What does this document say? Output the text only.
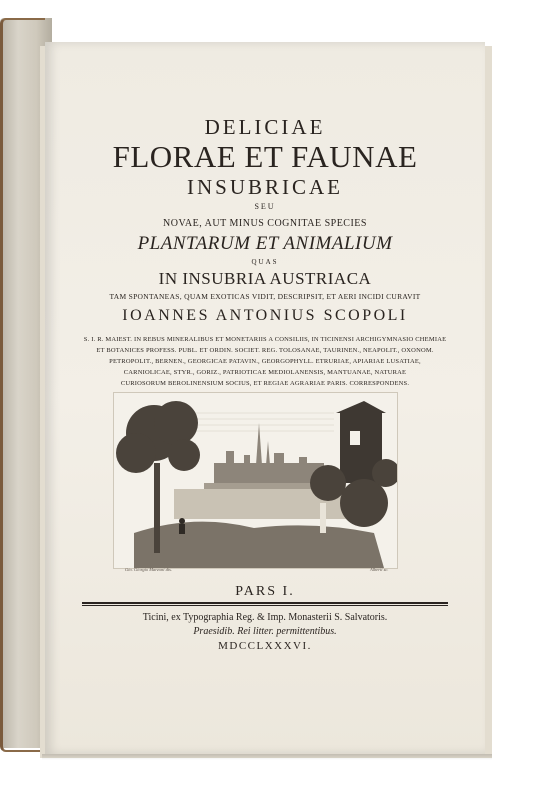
DELICIAE
FLORAE ET FAUNAE
INSUBRICAE
SEU
NOVAE, AUT MINUS COGNITAE SPECIES
PLANTARUM ET ANIMALIUM
QUAS
IN INSUBRIA AUSTRIACA
TAM SPONTANEAS, QUAM EXOTICAS VIDIT, DESCRIPSIT, ET AERI INCIDI CURAVIT
IOANNES ANTONIUS SCOPOLI
S. I. R. MAIEST. IN REBUS MINERALIBUS ET MONETARIIS A CONSILIIS, IN TICINENSI ARCHIGYMNASIO CHEMIAE
ET BOTANICES PROFESS. PUBL. ET ORDIN. SOCIET. REG. TOLOSANAE, TAURINEN., NEAPOLIT., OXONOM.
PETROPOLIT., BERNEN., GEORGICAE PATAVIN., GEORGOPHYLL. ETRURIAE, APIARIAE LUSATIAE,
CARNIOLICAE, STYR., GORIZ., PATRIOTICAE MEDIOLANENSIS, MANTUANAE, NATURAE
CURIOSORUM BEROLINENSIUM SOCIUS, ET REGIAE AGRARIAE PARIS. CORRESPONDENS.
Gio. Giorgio Marzoni dis.	Alberti sc.
PARS I.
Ticini, ex Typographia Reg. & Imp. Monasterii S. Salvatoris.
Praesidib. Rei litter. permittentibus.
MDCCLXXXVI.
